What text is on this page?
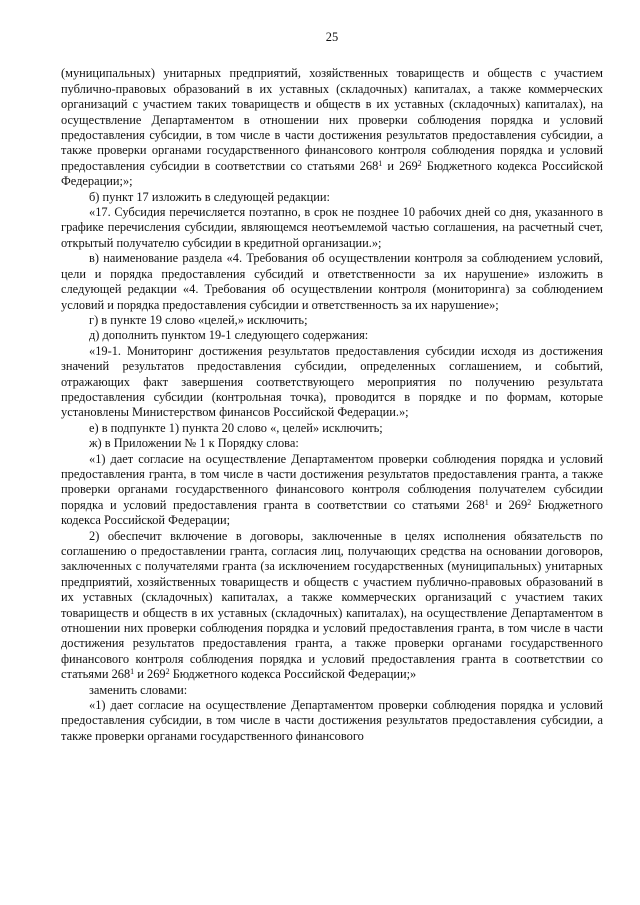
25

(муниципальных) унитарных предприятий, хозяйственных товариществ и обществ с участием публично-правовых образований в их уставных (складочных) капиталах, а также коммерческих организаций с участием таких товариществ и обществ в их уставных (складочных) капиталах), на осуществление Департаментом в отношении них проверки соблюдения порядка и условий предоставления субсидии, в том числе в части достижения результатов предоставления субсидии, а также проверки органами государственного финансового контроля соблюдения порядка и условий предоставления субсидии в соответствии со статьями $268^1$ и $269^2$ Бюджетного кодекса Российской Федерации;»;

б) пункт 17 изложить в следующей редакции:

«17. Субсидия перечисляется поэтапно, в срок не позднее 10 рабочих дней со дня, указанного в графике перечисления субсидии, являющемся неотъемлемой частью соглашения, на расчетный счет, открытый получателю субсидии в кредитной организации.»;

в) наименование раздела «4. Требования об осуществлении контроля за соблюдением условий, цели и порядка предоставления субсидий и ответственности за их нарушение» изложить в следующей редакции «4. Требования об осуществлении контроля (мониторинга) за соблюдением условий и порядка предоставления субсидии и ответственность за их нарушение»;

г) в пункте 19 слово «целей,» исключить;

д) дополнить пунктом 19-1 следующего содержания:

«19-1. Мониторинг достижения результатов предоставления субсидии исходя из достижения значений результатов предоставления субсидии, определенных соглашением, и событий, отражающих факт завершения соответствующего мероприятия по получению результата предоставления субсидии (контрольная точка), проводится в порядке и по формам, которые установлены Министерством финансов Российской Федерации.»;

е) в подпункте 1) пункта 20 слово «, целей» исключить;

ж) в Приложении № 1 к Порядку слова:

«1) дает согласие на осуществление Департаментом проверки соблюдения порядка и условий предоставления гранта, в том числе в части достижения результатов предоставления гранта, а также проверки органами государственного финансового контроля соблюдения получателем субсидии порядка и условий предоставления гранта в соответствии со статьями $268^1$ и $269^2$ Бюджетного кодекса Российской Федерации;

2) обеспечит включение в договоры, заключенные в целях исполнения обязательств по соглашению о предоставлении гранта, согласия лиц, получающих средства на основании договоров, заключенных с получателями гранта (за исключением государственных (муниципальных) унитарных предприятий, хозяйственных товариществ и обществ с участием публично-правовых образований в их уставных (складочных) капиталах, а также коммерческих организаций с участием таких товариществ и обществ в их уставных (складочных) капиталах), на осуществление Департаментом в отношении них проверки соблюдения порядка и условий предоставления гранта, в том числе в части достижения результатов предоставления гранта, а также проверки органами государственного финансового контроля соблюдения порядка и условий предоставления гранта в соответствии со статьями $268^1$ и $269^2$ Бюджетного кодекса Российской Федерации;»

заменить словами:

«1) дает согласие на осуществление Департаментом проверки соблюдения порядка и условий предоставления субсидии, в том числе в части достижения результатов предоставления субсидии, а также проверки органами государственного финансового
